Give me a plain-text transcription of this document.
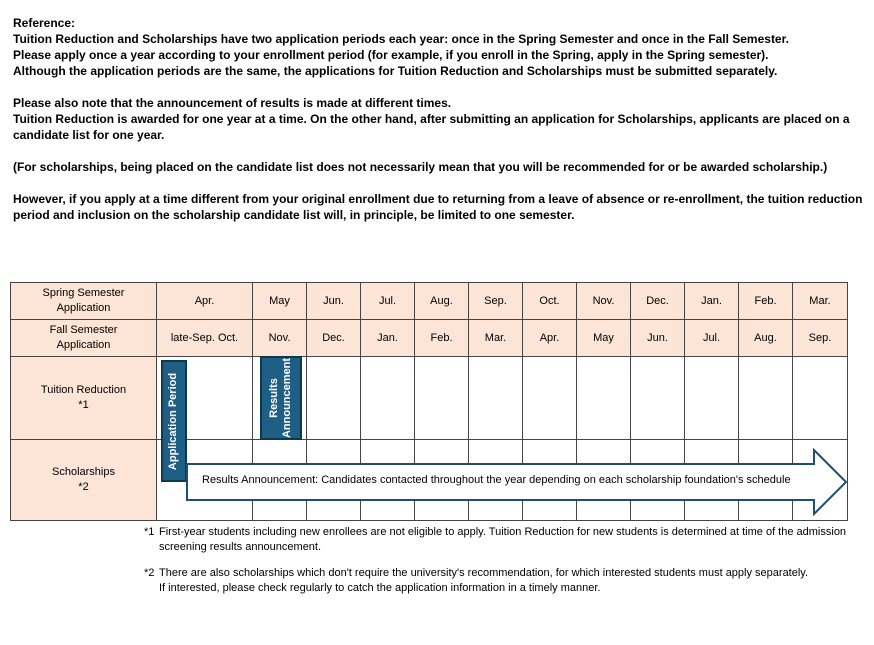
Reference:

Tuition Reduction and Scholarships have two application periods each year: once in the Spring Semester and once in the Fall Semester.

Please apply once a year according to your enrollment period (for example, if you enroll in the Spring, apply in the Spring semester).

Although the application periods are the same, the applications for Tuition Reduction and Scholarships must be submitted separately.

Please also note that the announcement of results is made at different times.

Tuition Reduction is awarded for one year at a time. On the other hand, after submitting an application for Scholarships, applicants are placed on a candidate list for one year.

(For scholarships, being placed on the candidate list does not necessarily mean that you will be recommended for or be awarded scholarship.)

However, if you apply at a time different from your original enrollment due to returning from a leave of absence or re-enrollment, the tuition reduction period and inclusion on the scholarship candidate list will, in principle, be limited to one semester.

Spring Semester
Application	Apr.	May	Jun.	Jul.	Aug.	Sep.	Oct.	Nov.	Dec.	Jan.	Feb.	Mar.
Fall Semester
Application	late-Sep. Oct.	Nov.	Dec.	Jan.	Feb.	Mar.	Apr.	May	Jun.	Jul.	Aug.	Sep.
Tuition Reduction
*1												
Scholarships
*2												
Application Period	Results
Announcement
Results Announcement: Candidates contacted throughout the year depending on each scholarship foundation's schedule
*1 First-year students including new enrollees are not eligible to apply. Tuition Reduction for new students is determined at time of the admission
screening results announcement.
*2 There are also scholarships which don't require the university's recommendation, for which interested students must apply separately.
If interested, please check regularly to catch the application information in a timely manner.
